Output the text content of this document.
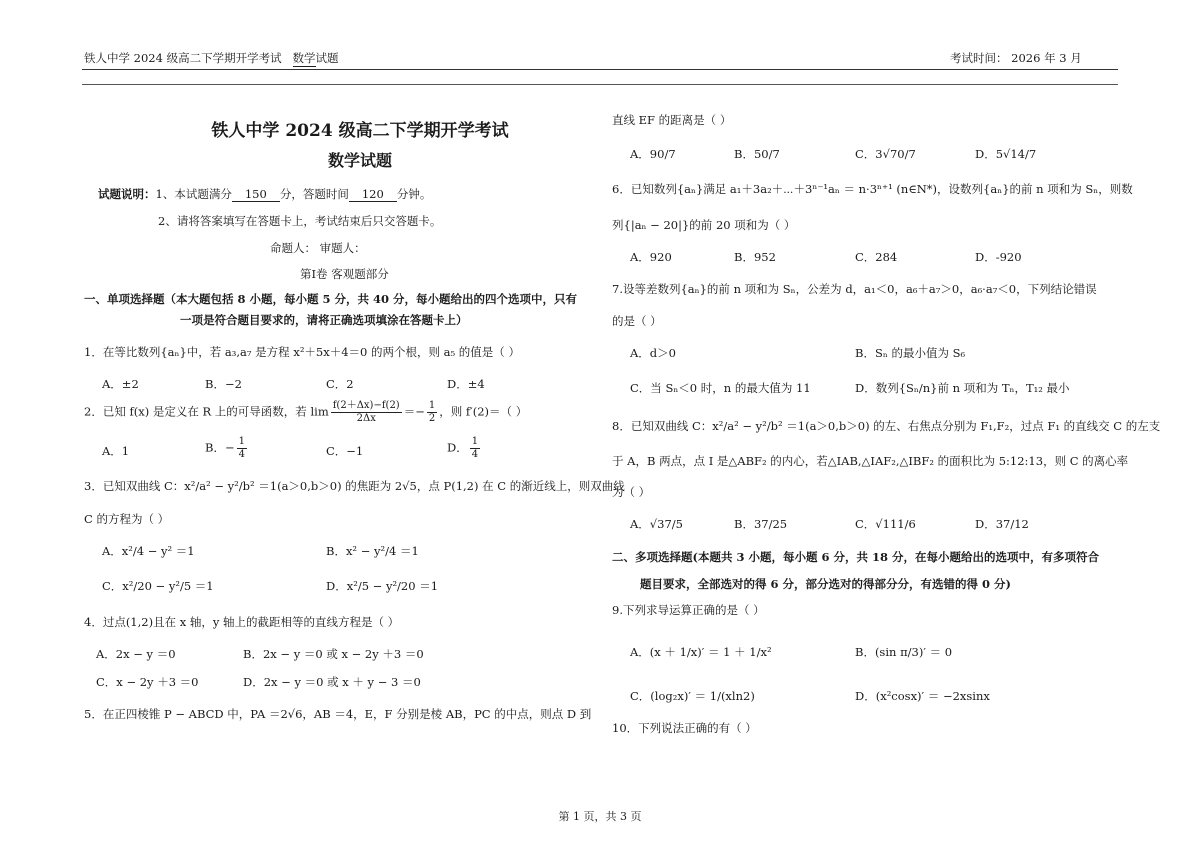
铁人中学 2024 级高二下学期开学考试 数学试题	考试时间： 2026 年 3 月
铁人中学 2024 级高二下学期开学考试
数学试题
试题说明：1、本试题满分 150 分，答题时间 120 分钟。
2、请将答案填写在答题卡上，考试结束后只交答题卡。
命题人： 审题人：
第Ⅰ卷 客观题部分
一、单项选择题（本大题包括 8 小题，每小题 5 分，共 40 分，每小题给出的四个选项中，只有
一项是符合题目要求的，请将正确选项填涂在答题卡上）
1．在等比数列{aₙ}中，若 a₃,a₇ 是方程 x²＋5x＋4＝0 的两个根，则 a₅ 的值是（ ）
A．±2	B．−2	C．2	D．±4
2．已知 f(x) 是定义在 R 上的可导函数，若 $\lim \frac{f(2+\Delta x)-f(2)}{2\Delta x} =- \frac{1}{2}$ ，则 f′(2)＝（ ）
A．1	B．− $\frac{1}{4}$	C．−1	D． $\frac{1}{4}$
3．已知双曲线 C：x²/a² − y²/b² ＝1(a＞0,b＞0) 的焦距为 2√5，点 P(1,2) 在 C 的渐近线上，则双曲线
C 的方程为（ ）
A．x²/4 − y² ＝1	B．x² − y²/4 ＝1
C．x²/20 − y²/5 ＝1	D．x²/5 − y²/20 ＝1
4．过点(1,2)且在 x 轴，y 轴上的截距相等的直线方程是（ ）
A．2x − y ＝0	B．2x − y ＝0 或 x − 2y ＋3 ＝0
C．x − 2y ＋3 ＝0	D．2x − y ＝0 或 x ＋ y − 3 ＝0
5．在正四棱锥 P − ABCD 中，PA ＝2√6，AB ＝4，E，F 分别是棱 AB，PC 的中点，则点 D 到
直线 EF 的距离是（ ）
A．90/7	B．50/7	C．3√70/7	D．5√14/7
6．已知数列{aₙ}满足 a₁＋3a₂＋⋯＋3ⁿ⁻¹aₙ ＝ n·3ⁿ⁺¹ (n∈N*)，设数列{aₙ}的前 n 项和为 Sₙ，则数
列{|aₙ − 20|}的前 20 项和为（ ）
A．920	B．952	C．284	D．-920
7.设等差数列{aₙ}的前 n 项和为 Sₙ，公差为 d，a₁＜0，a₆＋a₇＞0，a₆·a₇＜0，下列结论错误
的是（ ）
A．d＞0	B．Sₙ 的最小值为 S₆
C．当 Sₙ＜0 时，n 的最大值为 11	D．数列{Sₙ/n}前 n 项和为 Tₙ，T₁₂ 最小
8．已知双曲线 C：x²/a² − y²/b² ＝1(a＞0,b＞0) 的左、右焦点分别为 F₁,F₂，过点 F₁ 的直线交 C 的左支
于 A，B 两点，点 I 是△ABF₂ 的内心，若△IAB,△IAF₂,△IBF₂ 的面积比为 5:12:13，则 C 的离心率
为（ ）
A．√37/5	B．37/25	C．√111/6	D．37/12
二、多项选择题(本题共 3 小题，每小题 6 分，共 18 分，在每小题给出的选项中，有多项符合
题目要求，全部选对的得 6 分，部分选对的得部分分，有选错的得 0 分)
9.下列求导运算正确的是（ ）
A．(x ＋ 1/x)′ ＝ 1 ＋ 1/x²	B．(sin π/3)′ ＝ 0
C．(log₂x)′ ＝ 1/(xln2)	D．(x²cosx)′ ＝ −2xsinx
10．下列说法正确的有（ ）
第 1 页，共 3 页
